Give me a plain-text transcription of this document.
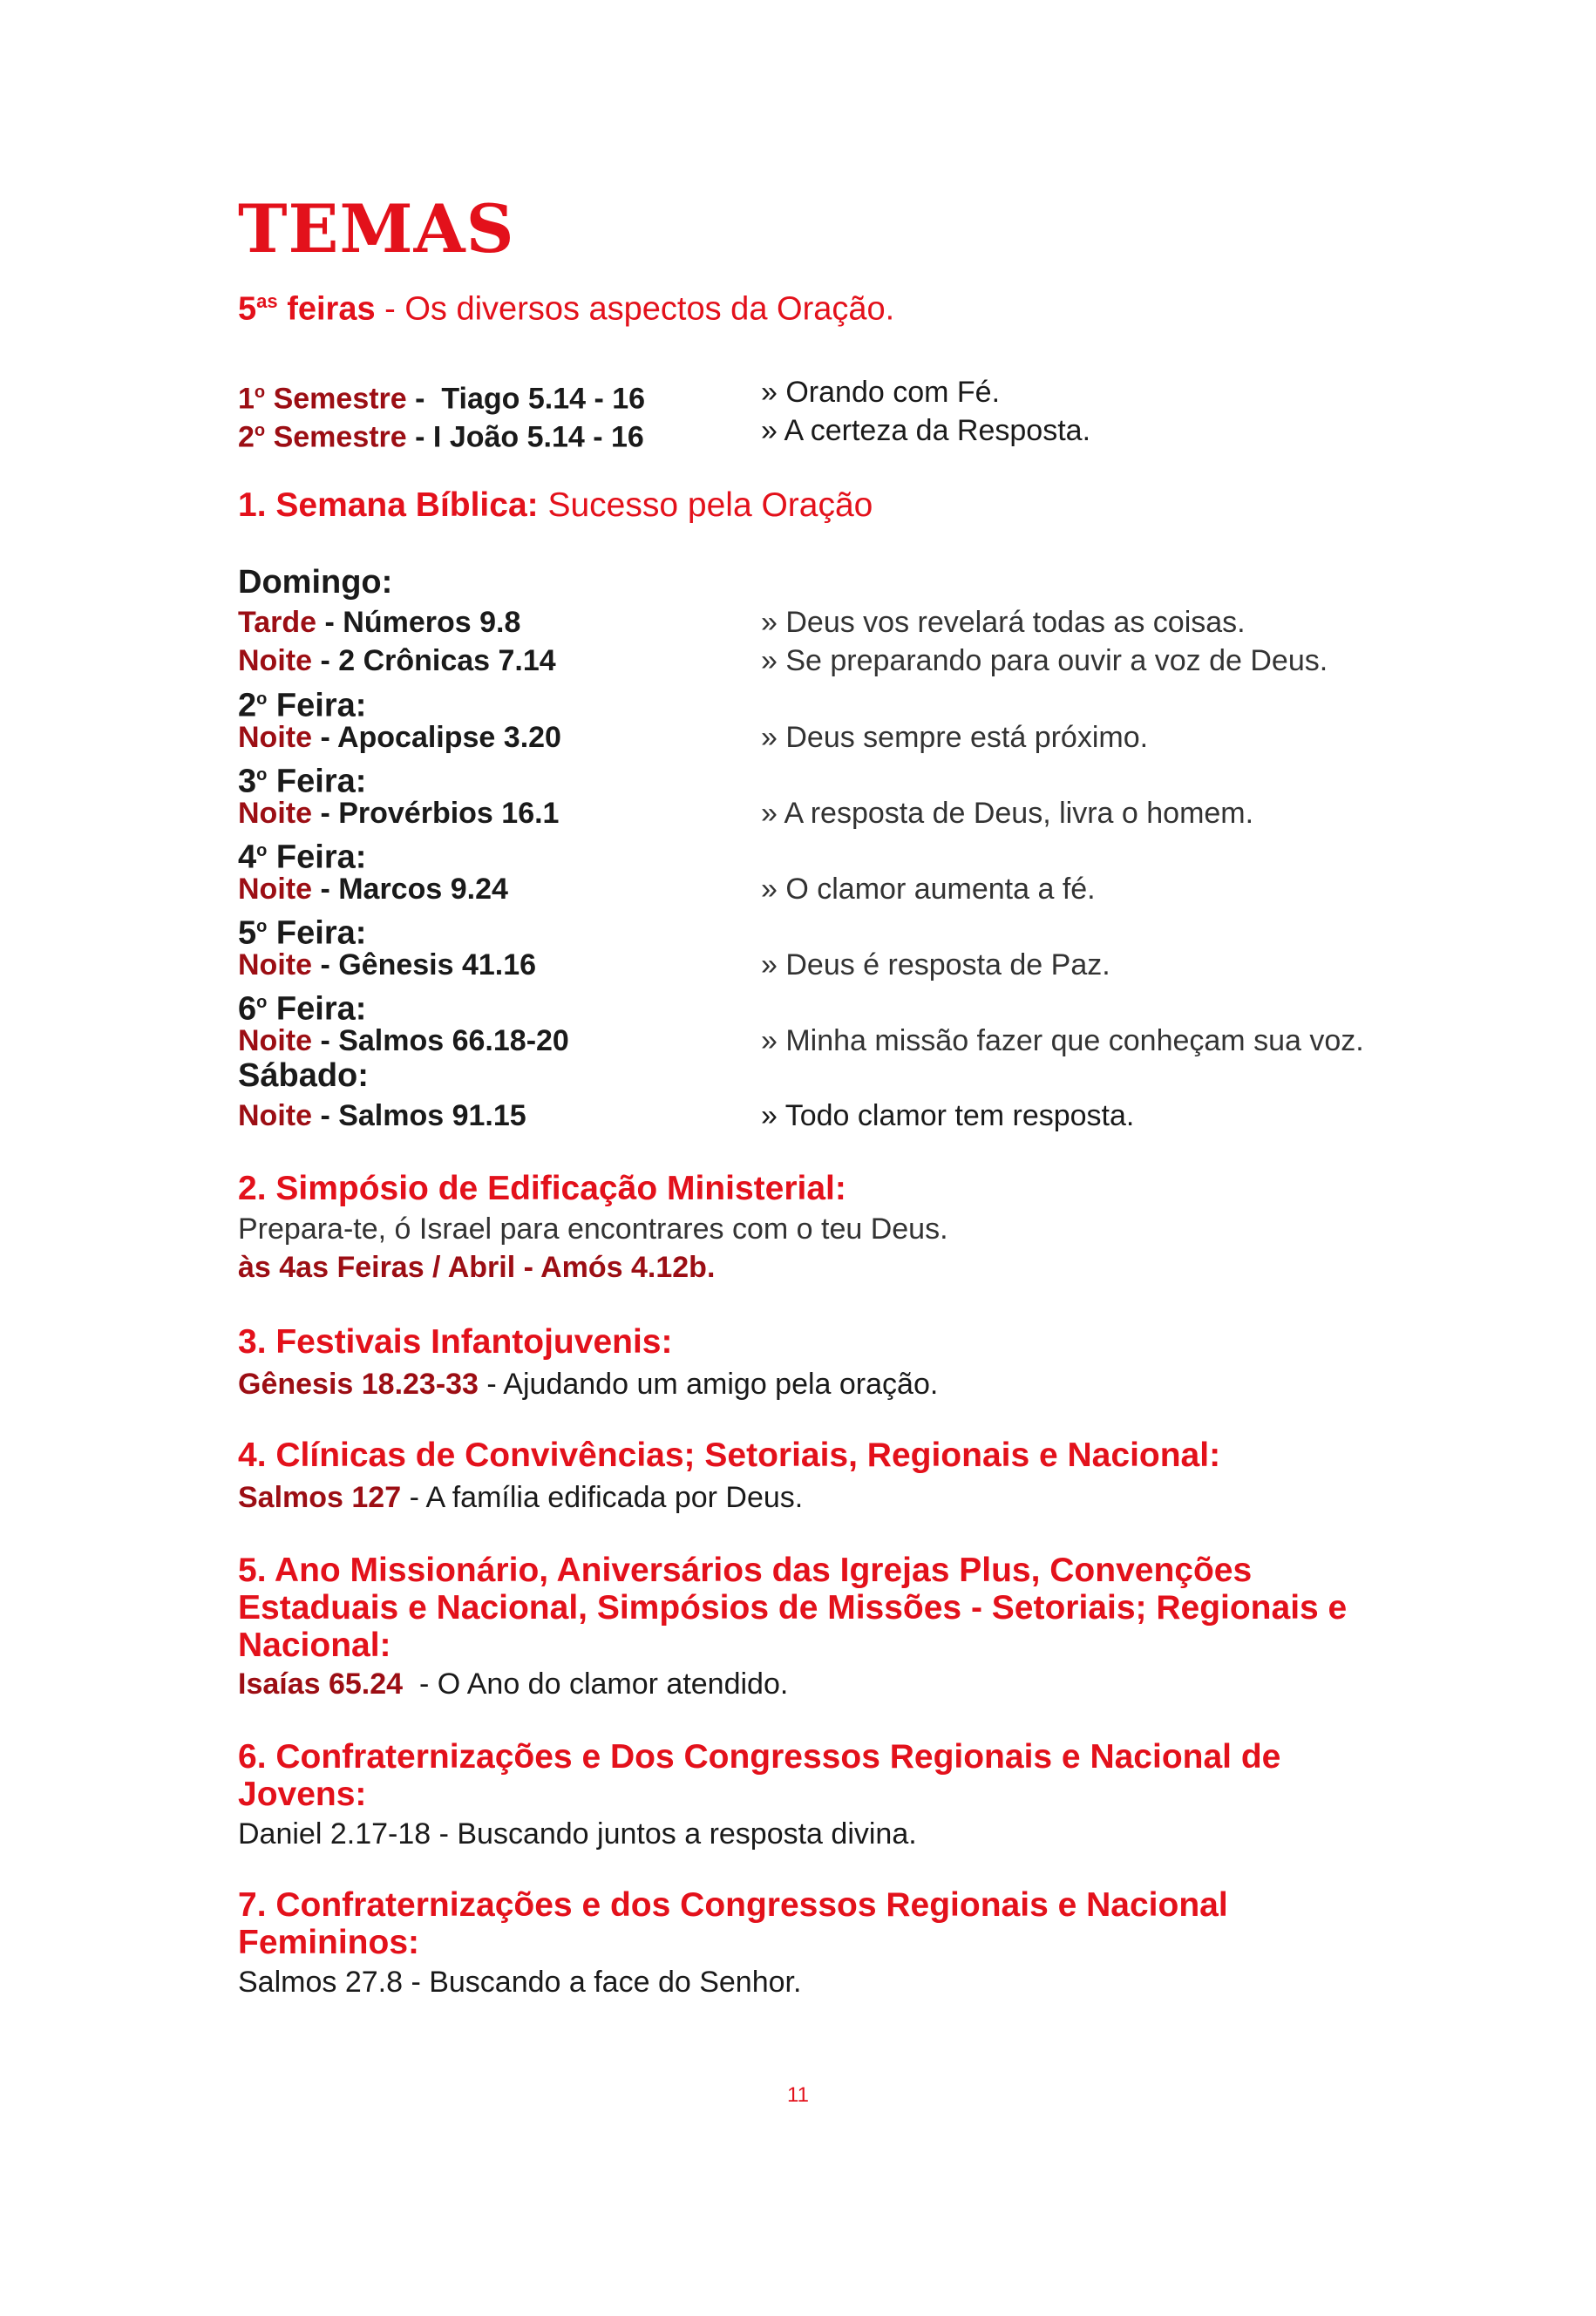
TEMAS
$5^{as}$ feiras - Os diversos aspectos da Oração.
1$^o$ Semestre -  Tiago 5.14 - 16	» Orando com Fé.
2$^o$ Semestre - I João 5.14 - 16	» A certeza da Resposta.
1. Semana Bíblica: Sucesso pela Oração
Domingo:
Tarde - Números 9.8	» Deus vos revelará todas as coisas.
Noite - 2 Crônicas 7.14	» Se preparando para ouvir a voz de Deus.
2$^o$ Feira:
Noite - Apocalipse 3.20	» Deus sempre está próximo.
3$^o$ Feira:
Noite - Provérbios 16.1	» A resposta de Deus, livra o homem.
4$^o$ Feira:
Noite - Marcos 9.24	» O clamor aumenta a fé.
5$^o$ Feira:
Noite - Gênesis 41.16	» Deus é resposta de Paz.
6$^o$ Feira:
Noite - Salmos 66.18-20	» Minha missão fazer que conheçam sua voz.
Sábado:
Noite - Salmos 91.15	» Todo clamor tem resposta.
2. Simpósio de Edificação Ministerial:
Prepara-te, ó Israel para encontrares com o teu Deus.
às 4as Feiras / Abril - Amós 4.12b.
3. Festivais Infantojuvenis:
Gênesis 18.23-33 - Ajudando um amigo pela oração.
4. Clínicas de Convivências; Setoriais, Regionais e Nacional:
Salmos 127 - A família edificada por Deus.
5. Ano Missionário, Aniversários das Igrejas Plus, Convenções Estaduais e Nacional, Simpósios de Missões - Setoriais; Regionais e Nacional:
Isaías 65.24  - O Ano do clamor atendido.
6. Confraternizações e Dos Congressos Regionais e Nacional de Jovens:
Daniel 2.17-18 - Buscando juntos a resposta divina.
7. Confraternizações e dos Congressos Regionais e Nacional Femininos:
Salmos 27.8 - Buscando a face do Senhor.
11
